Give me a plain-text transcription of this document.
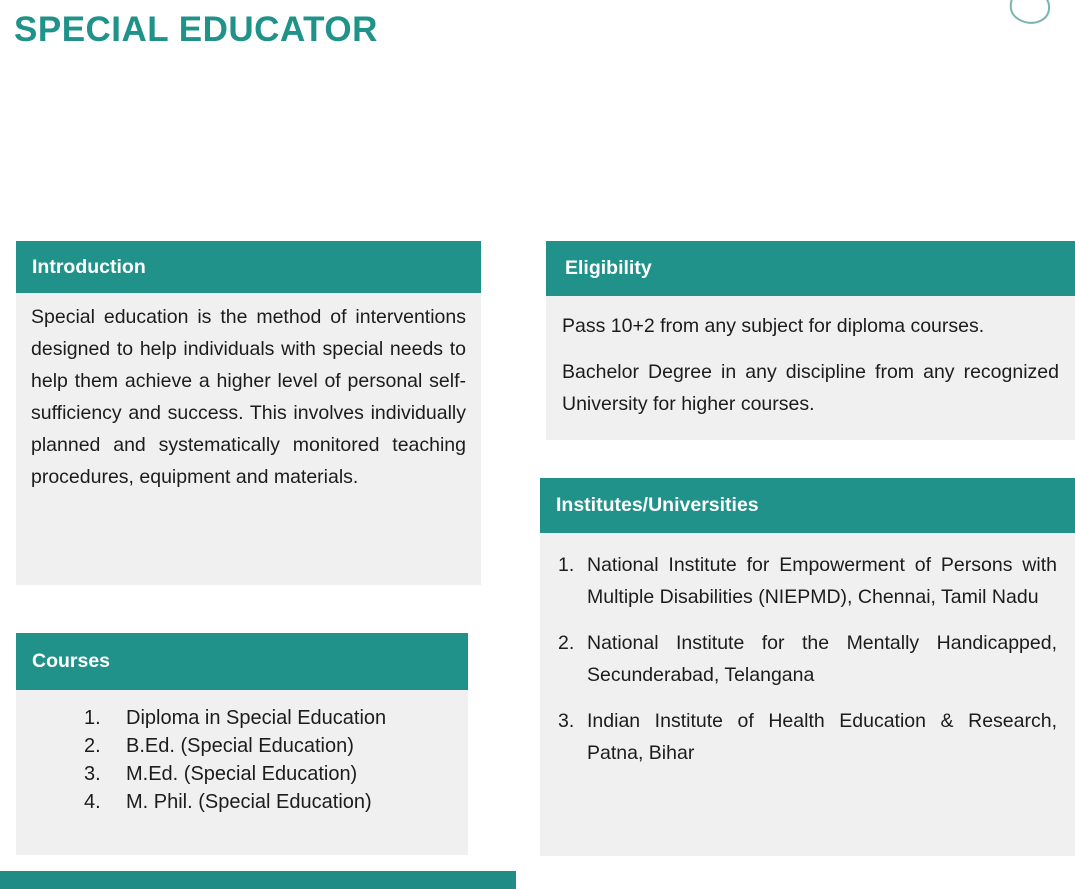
SPECIAL EDUCATOR
Introduction

Special education is the method of interventions designed to help individuals with special needs to help them achieve a higher level of personal self-sufficiency and success. This involves individually planned and systematically monitored teaching procedures, equipment and materials.

Eligibility

Pass 10+2 from any subject for diploma courses.

Bachelor Degree in any discipline from any recognized University for higher courses.

Courses
Diploma in Special Education
B.Ed. (Special Education)
M.Ed. (Special Education)
M. Phil. (Special Education)
Institutes/Universities
National Institute for Empowerment of Persons with Multiple Disabilities (NIEPMD), Chennai, Tamil Nadu
National Institute for the Mentally Handicapped, Secunderabad, Telangana
Indian Institute of Health Education & Research, Patna, Bihar
